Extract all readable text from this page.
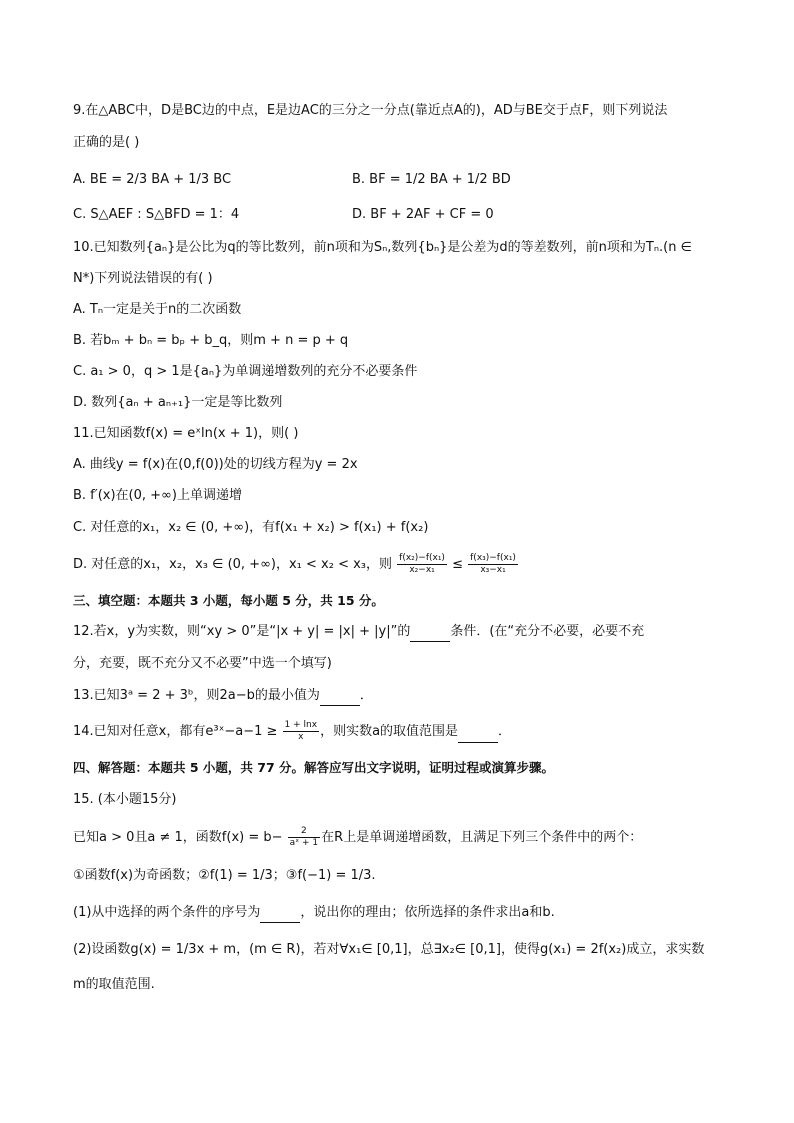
9.在△ABC中，D是BC边的中点，E是边AC的三分之一分点(靠近点A的)，AD与BE交于点F，则下列说法
正确的是( )
A. BE = 2/3 BA + 1/3 BC	B. BF = 1/2 BA + 1/2 BD
C. S△AEF : S△BFD = 1：4	D. BF + 2AF + CF = 0
10.已知数列{aₙ}是公比为q的等比数列，前n项和为Sₙ,数列{bₙ}是公差为d的等差数列，前n项和为Tₙ.(n ∈
N*)下列说法错误的有( )
A. Tₙ一定是关于n的二次函数
B. 若bₘ + bₙ = bₚ + b_q，则m + n = p + q
C. a₁ > 0，q > 1是{aₙ}为单调递增数列的充分不必要条件
D. 数列{aₙ + aₙ₊₁}一定是等比数列
11.已知函数f(x) = eˣln(x + 1)，则( )
A. 曲线y = f(x)在(0,f(0))处的切线方程为y = 2x
B. f′(x)在(0, +∞)上单调递增
C. 对任意的x₁，x₂ ∈ (0, +∞)，有f(x₁ + x₂) > f(x₁) + f(x₂)
D. 对任意的x₁，x₂，x₃ ∈ (0, +∞)，x₁ < x₂ < x₃，则 $\frac{\text{f(x₂)−f(x₁)}}{\text{x₂−x₁}} \le \frac{\text{f(x₃)−f(x₁)}}{\text{x₃−x₁}}$
三、填空题：本题共 3 小题，每小题 5 分，共 15 分。
12.若x，y为实数，则“xy > 0”是“|x + y| = |x| + |y|”的	条件．(在“充分不必要，必要不充
分，充要，既不充分又不必要”中选一个填写)
13.已知3ᵃ = 2 + 3ᵇ，则2a−b的最小值为	．
14.已知对任意x，都有e³ˣ−a−1 ≥ $\frac{1 + \ln x}{x}$ ，则实数a的取值范围是	．
四、解答题：本题共 5 小题，共 77 分。解答应写出文字说明，证明过程或演算步骤。
15. (本小题15分)
已知a > 0且a ≠ 1，函数$f(x) = b- \frac{2}{\text{aˣ + 1}}$ 在R上是单调递增函数，且满足下列三个条件中的两个：
①函数f(x)为奇函数；②f(1) = 1/3；③f(−1) = 1/3.
(1)从中选择的两个条件的序号为	，说出你的理由；依所选择的条件求出a和b.
(2)设函数g(x) = 1/3x + m，(m ∈ R)，若对∀x₁∈ [0,1]，总∃x₂∈ [0,1]，使得g(x₁) = 2f(x₂)成立，求实数
m的取值范围.
